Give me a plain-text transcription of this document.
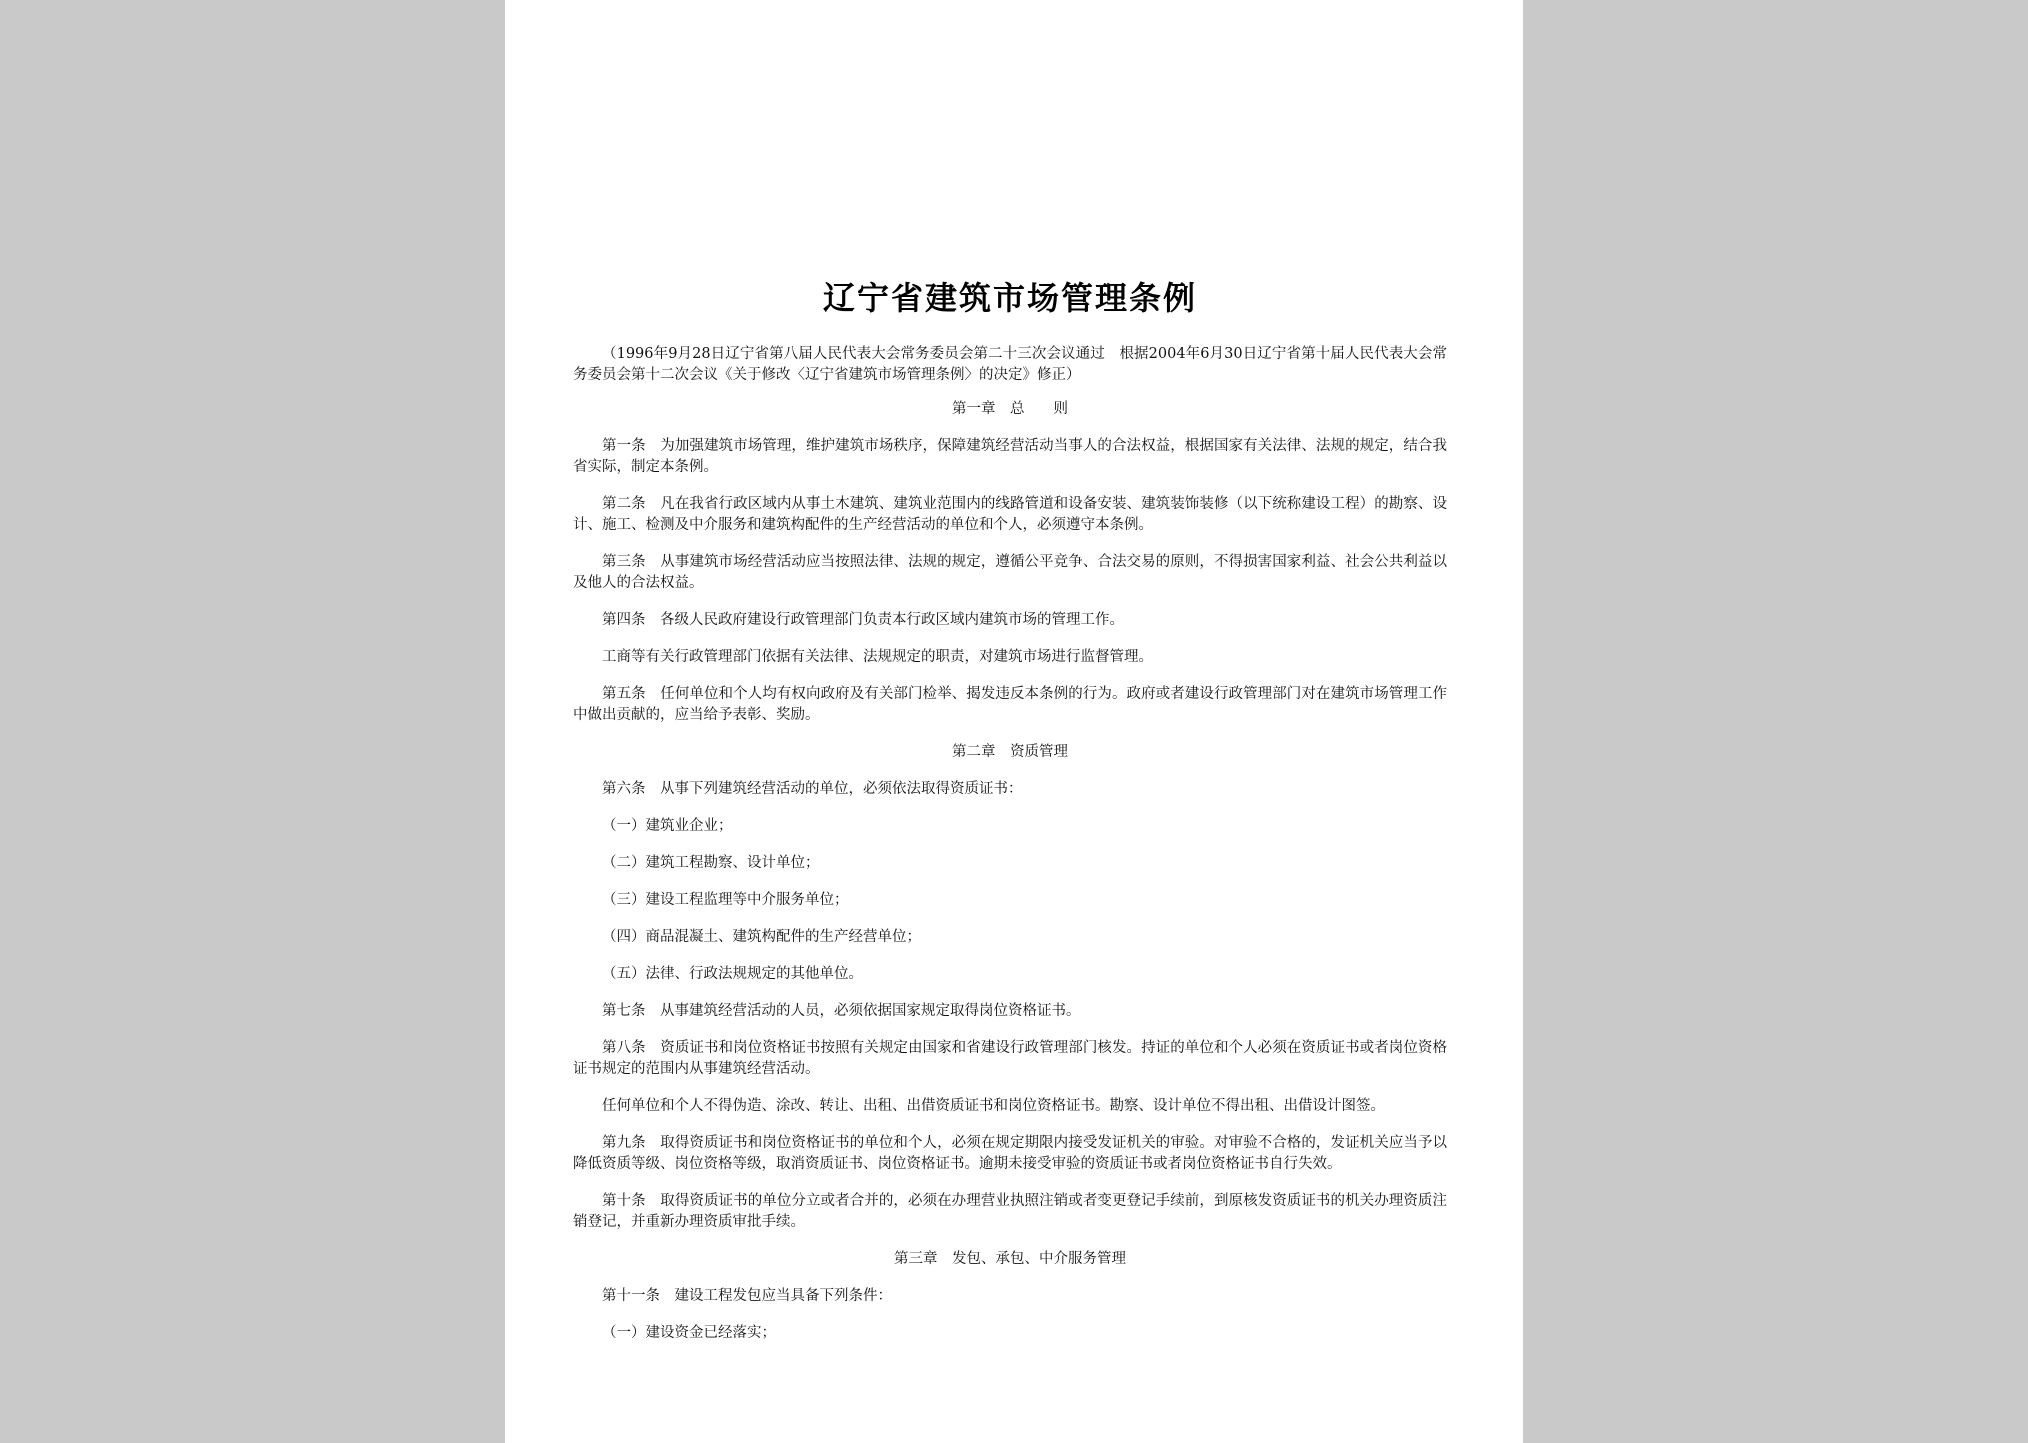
辽宁省建筑市场管理条例

（1996年9月28日辽宁省第八届人民代表大会常务委员会第二十三次会议通过　根据2004年6月30日辽宁省第十届人民代表大会常务委员会第十二次会议《关于修改〈辽宁省建筑市场管理条例〉的决定》修正）

第一章　总　　则

第一条　为加强建筑市场管理，维护建筑市场秩序，保障建筑经营活动当事人的合法权益，根据国家有关法律、法规的规定，结合我省实际，制定本条例。

第二条　凡在我省行政区域内从事土木建筑、建筑业范围内的线路管道和设备安装、建筑装饰装修（以下统称建设工程）的勘察、设计、施工、检测及中介服务和建筑构配件的生产经营活动的单位和个人，必须遵守本条例。

第三条　从事建筑市场经营活动应当按照法律、法规的规定，遵循公平竞争、合法交易的原则，不得损害国家利益、社会公共利益以及他人的合法权益。

第四条　各级人民政府建设行政管理部门负责本行政区域内建筑市场的管理工作。

工商等有关行政管理部门依据有关法律、法规规定的职责，对建筑市场进行监督管理。

第五条　任何单位和个人均有权向政府及有关部门检举、揭发违反本条例的行为。政府或者建设行政管理部门对在建筑市场管理工作中做出贡献的，应当给予表彰、奖励。

第二章　资质管理

第六条　从事下列建筑经营活动的单位，必须依法取得资质证书：

（一）建筑业企业；

（二）建筑工程勘察、设计单位；

（三）建设工程监理等中介服务单位；

（四）商品混凝土、建筑构配件的生产经营单位；

（五）法律、行政法规规定的其他单位。

第七条　从事建筑经营活动的人员，必须依据国家规定取得岗位资格证书。

第八条　资质证书和岗位资格证书按照有关规定由国家和省建设行政管理部门核发。持证的单位和个人必须在资质证书或者岗位资格证书规定的范围内从事建筑经营活动。

任何单位和个人不得伪造、涂改、转让、出租、出借资质证书和岗位资格证书。勘察、设计单位不得出租、出借设计图签。

第九条　取得资质证书和岗位资格证书的单位和个人，必须在规定期限内接受发证机关的审验。对审验不合格的，发证机关应当予以降低资质等级、岗位资格等级，取消资质证书、岗位资格证书。逾期未接受审验的资质证书或者岗位资格证书自行失效。

第十条　取得资质证书的单位分立或者合并的，必须在办理营业执照注销或者变更登记手续前，到原核发资质证书的机关办理资质注销登记，并重新办理资质审批手续。

第三章　发包、承包、中介服务管理

第十一条　建设工程发包应当具备下列条件：

（一）建设资金已经落实；
